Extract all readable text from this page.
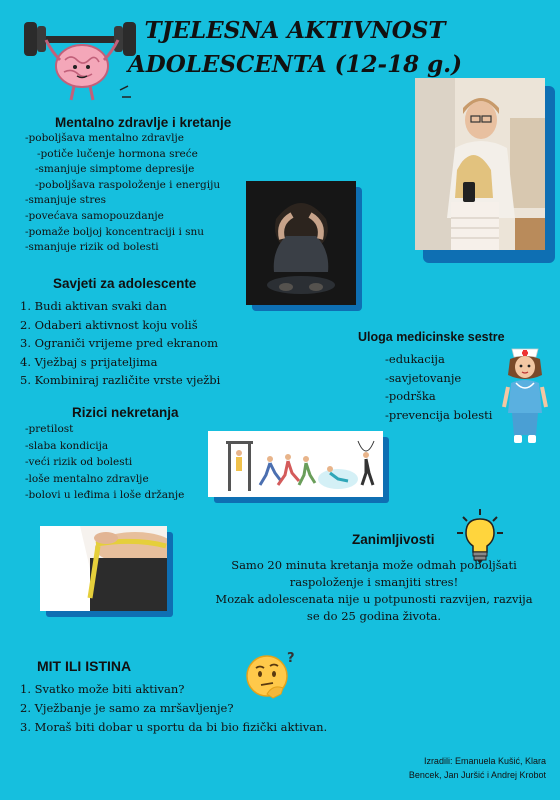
TJELESNA AKTIVNOST
ADOLESCENTA (12-18 g.)
Mentalno zdravlje i kretanje
-poboljšava mentalno zdravlje
-potiče lučenje hormona sreće
-smanjuje simptome depresije
-poboljšava raspoloženje i energiju
-smanjuje stres
-povećava samopouzdanje
-pomaže boljoj koncentraciji i snu
-smanjuje rizik od bolesti
Savjeti za adolescente
1. Budi aktivan svaki dan
2. Odaberi aktivnost koju voliš
3. Ograniči vrijeme pred ekranom
4. Vježbaj s prijateljima
5. Kombiniraj različite vrste vježbi
Uloga medicinske sestre
-edukacija
-savjetovanje
-podrška
-prevencija bolesti
Rizici nekretanja
-pretilost
-slaba kondicija
-veći rizik od bolesti
-loše mentalno zdravlje
-bolovi u leđima i loše držanje
Zanimljivosti
Samo 20 minuta kretanja može odmah poboljšati
raspoloženje i smanjiti stres!
Mozak adolescenata nije u potpunosti razvijen, razvija
se do 25 godina života.
MIT ILI ISTINA
1. Svatko može biti aktivan?
2. Vježbanje je samo za mršavljenje?
3. Moraš biti dobar u sportu da bi bio fizički aktivan.
?
Izradili: Emanuela Kušić, Klara
Bencek, Jan Juršić i Andrej Krobot
